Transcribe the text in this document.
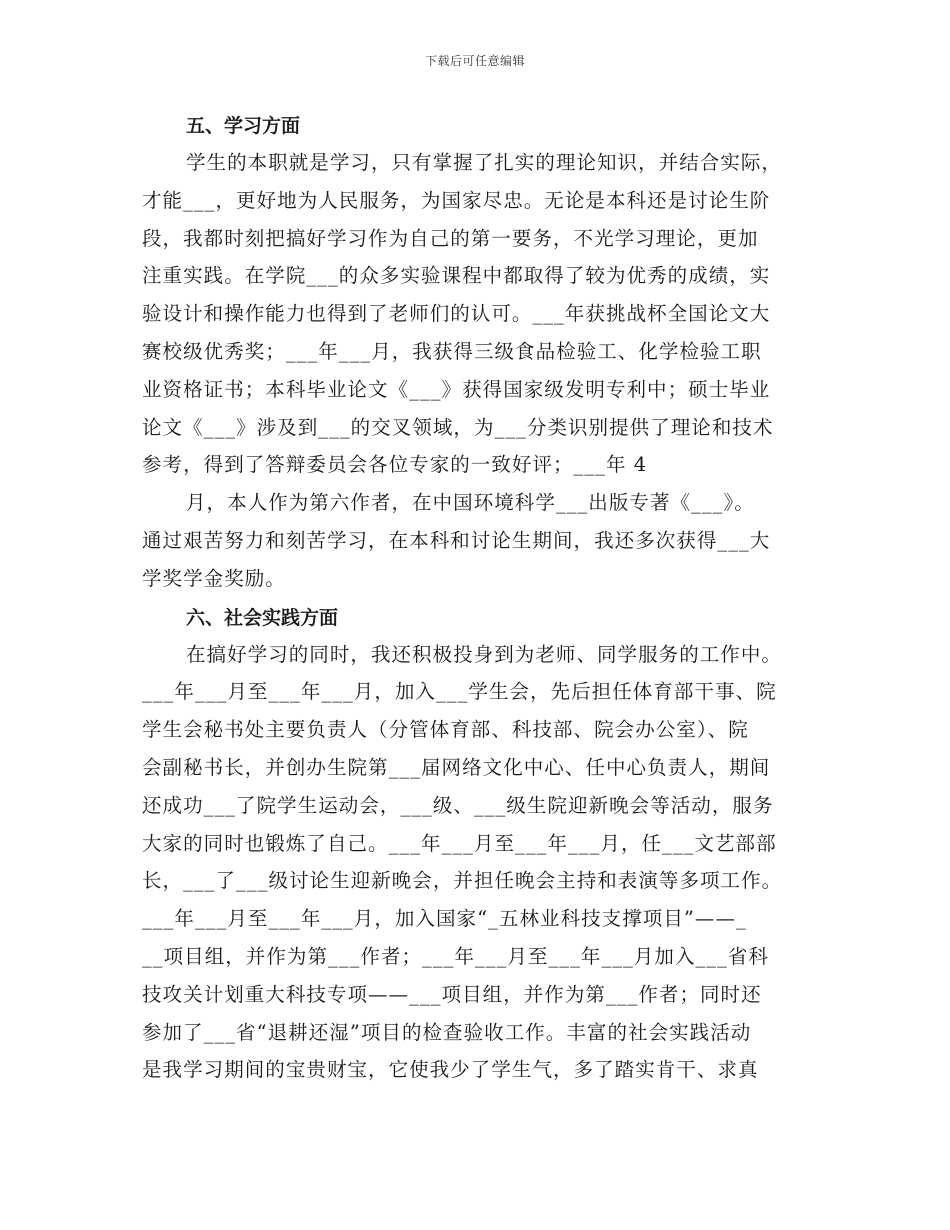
下载后可任意编辑
五、学习方面

学生的本职就是学习，只有掌握了扎实的理论知识，并结合实际，
才能___，更好地为人民服务，为国家尽忠。无论是本科还是讨论生阶
段，我都时刻把搞好学习作为自己的第一要务，不光学习理论，更加
注重实践。在学院___的众多实验课程中都取得了较为优秀的成绩，实
验设计和操作能力也得到了老师们的认可。___年获挑战杯全国论文大
赛校级优秀奖；___年___月，我获得三级食品检验工、化学检验工职
业资格证书；本科毕业论文《___》获得国家级发明专利中；硕士毕业
论文《___》涉及到___的交叉领域，为___分类识别提供了理论和技术
参考，得到了答辩委员会各位专家的一致好评；___年 4

月，本人作为第六作者，在中国环境科学___出版专著《___》。
通过艰苦努力和刻苦学习，在本科和讨论生期间，我还多次获得___大
学奖学金奖励。

六、社会实践方面

在搞好学习的同时，我还积极投身到为老师、同学服务的工作中。
___年___月至___年___月，加入___学生会，先后担任体育部干事、院
学生会秘书处主要负责人（分管体育部、科技部、院会办公室）、院
会副秘书长，并创办生院第___届网络文化中心、任中心负责人，期间
还成功___了院学生运动会，___级、___级生院迎新晚会等活动，服务
大家的同时也锻炼了自己。___年___月至___年___月，任___文艺部部
长，___了___级讨论生迎新晚会，并担任晚会主持和表演等多项工作。
___年___月至___年___月，加入国家“_五林业科技支撑项目”——_
__项目组，并作为第___作者；___年___月至___年___月加入___省科
技攻关计划重大科技专项——___项目组，并作为第___作者；同时还
参加了___省“退耕还湿”项目的检查验收工作。丰富的社会实践活动
是我学习期间的宝贵财宝，它使我少了学生气，多了踏实肯干、求真
